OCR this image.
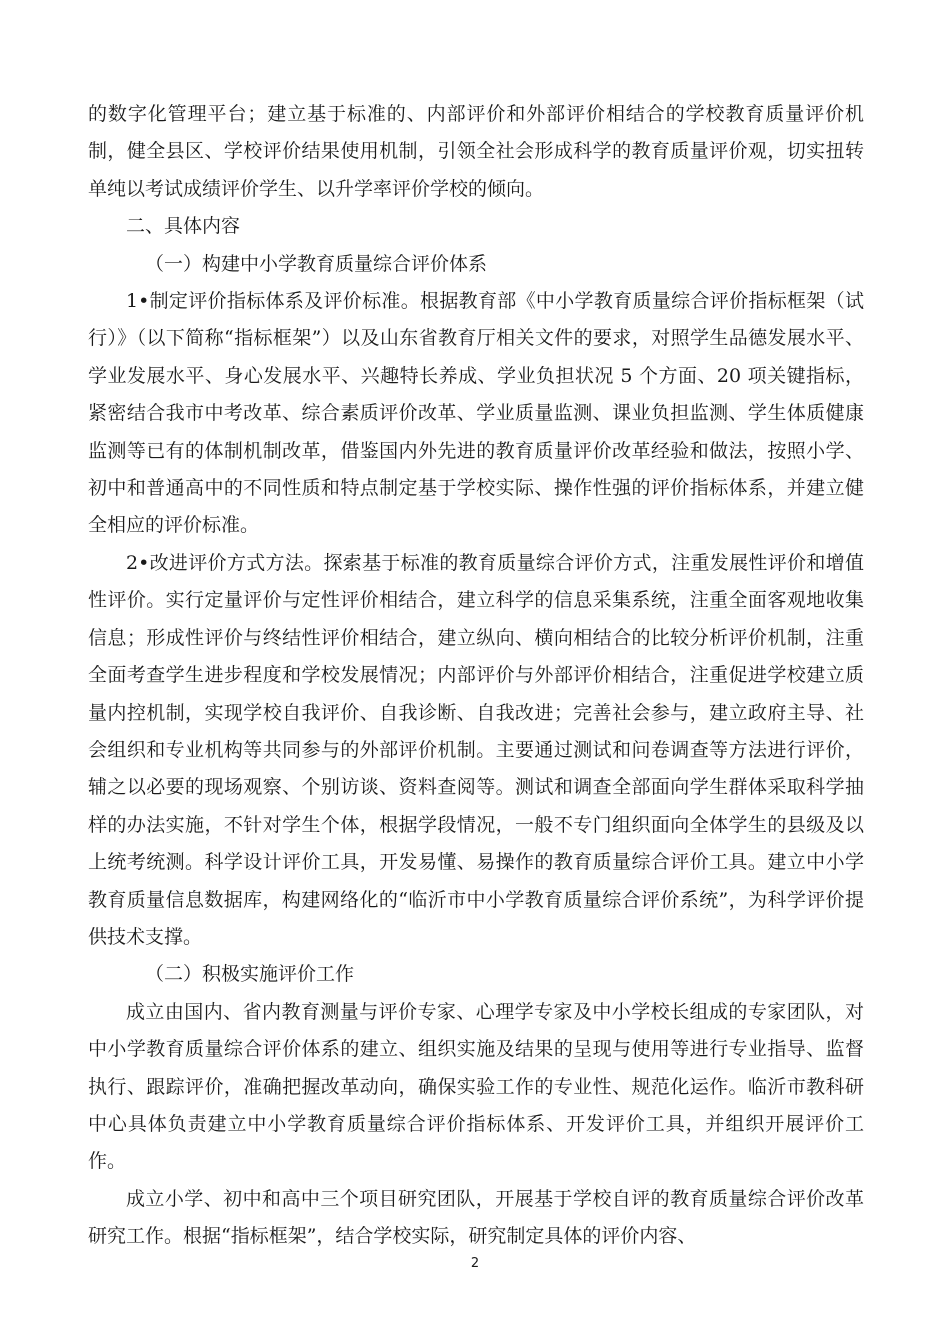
的数字化管理平台；建立基于标准的、内部评价和外部评价相结合的学校教育质量评价机制，健全县区、学校评价结果使用机制，引领全社会形成科学的教育质量评价观，切实扭转单纯以考试成绩评价学生、以升学率评价学校的倾向。

二、具体内容

（一）构建中小学教育质量综合评价体系

1•制定评价指标体系及评价标准。根据教育部《中小学教育质量综合评价指标框架（试行）》（以下简称“指标框架”）以及山东省教育厅相关文件的要求，对照学生品德发展水平、学业发展水平、身心发展水平、兴趣特长养成、学业负担状况 5 个方面、20 项关键指标，紧密结合我市中考改革、综合素质评价改革、学业质量监测、课业负担监测、学生体质健康监测等已有的体制机制改革，借鉴国内外先进的教育质量评价改革经验和做法，按照小学、初中和普通高中的不同性质和特点制定基于学校实际、操作性强的评价指标体系，并建立健全相应的评价标准。

2•改进评价方式方法。探索基于标准的教育质量综合评价方式，注重发展性评价和增值性评价。实行定量评价与定性评价相结合，建立科学的信息采集系统，注重全面客观地收集信息；形成性评价与终结性评价相结合，建立纵向、横向相结合的比较分析评价机制，注重全面考查学生进步程度和学校发展情况；内部评价与外部评价相结合，注重促进学校建立质量内控机制，实现学校自我评价、自我诊断、自我改进；完善社会参与，建立政府主导、社会组织和专业机构等共同参与的外部评价机制。主要通过测试和问卷调查等方法进行评价，辅之以必要的现场观察、个别访谈、资料查阅等。测试和调查全部面向学生群体采取科学抽样的办法实施，不针对学生个体，根据学段情况，一般不专门组织面向全体学生的县级及以上统考统测。科学设计评价工具，开发易懂、易操作的教育质量综合评价工具。建立中小学教育质量信息数据库，构建网络化的“临沂市中小学教育质量综合评价系统”，为科学评价提供技术支撑。

（二）积极实施评价工作

成立由国内、省内教育测量与评价专家、心理学专家及中小学校长组成的专家团队，对中小学教育质量综合评价体系的建立、组织实施及结果的呈现与使用等进行专业指导、监督执行、跟踪评价，准确把握改革动向，确保实验工作的专业性、规范化运作。临沂市教科研中心具体负责建立中小学教育质量综合评价指标体系、开发评价工具，并组织开展评价工作。

成立小学、初中和高中三个项目研究团队，开展基于学校自评的教育质量综合评价改革研究工作。根据“指标框架”，结合学校实际，研究制定具体的评价内容、

2
